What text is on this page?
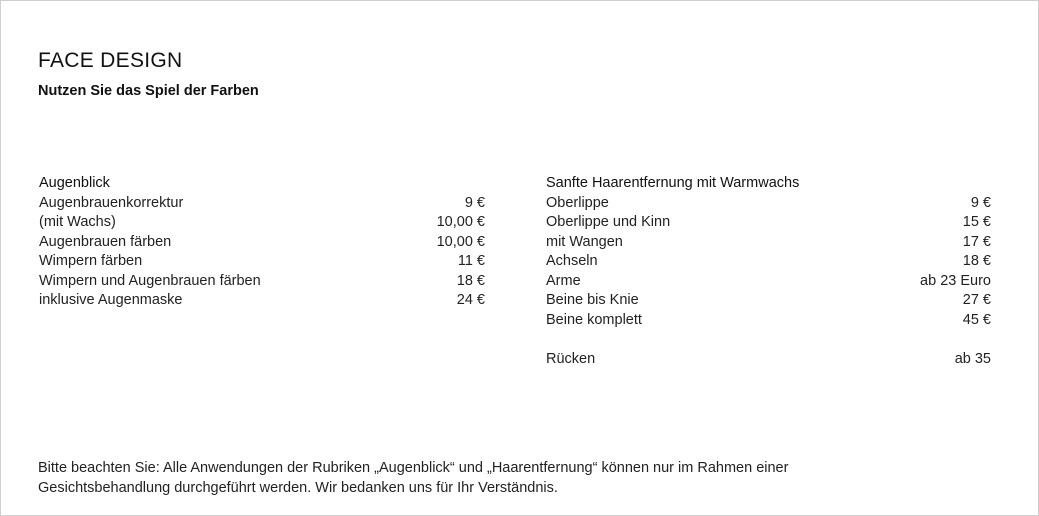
FACE DESIGN
Nutzen Sie das Spiel der Farben
Augenblick
Augenbrauenkorrektur	9 €
(mit Wachs)	10,00 €
Augenbrauen färben	10,00 €
Wimpern färben	11 €
Wimpern und Augenbrauen färben	18 €
inklusive Augenmaske	24 €
Sanfte Haarentfernung mit Warmwachs
Oberlippe	9 €
Oberlippe und Kinn	15 €
mit Wangen	17 €
Achseln	18 €
Arme	ab 23 Euro
Beine bis Knie	27 €
Beine komplett	45 €
Rücken	ab 35
Bitte beachten Sie: Alle Anwendungen der Rubriken „Augenblick“ und „Haarentfernung“ können nur im Rahmen einer
Gesichtsbehandlung durchgeführt werden. Wir bedanken uns für Ihr Verständnis.
